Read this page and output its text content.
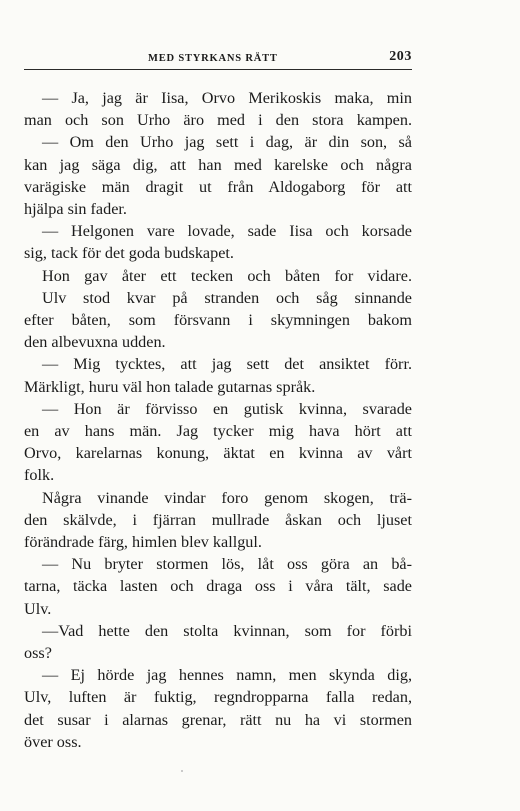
MED STYRKANS RÄTT	203
— Ja, jag är Iisa, Orvo Merikoskis maka, min
man och son Urho äro med i den stora kampen.
— Om den Urho jag sett i dag, är din son, så
kan jag säga dig, att han med karelske och några
varägiske män dragit ut från Aldogaborg för att
hjälpa sin fader.
— Helgonen vare lovade, sade Iisa och korsade
sig, tack för det goda budskapet.
Hon gav åter ett tecken och båten for vidare.
Ulv stod kvar på stranden och såg sinnande
efter båten, som försvann i skymningen bakom
den albevuxna udden.
— Mig tycktes, att jag sett det ansiktet förr.
Märkligt, huru väl hon talade gutarnas språk.
— Hon är förvisso en gutisk kvinna, svarade
en av hans män. Jag tycker mig hava hört att
Orvo, karelarnas konung, äktat en kvinna av vårt
folk.
Några vinande vindar foro genom skogen, trä-
den skälvde, i fjärran mullrade åskan och ljuset
förändrade färg, himlen blev kallgul.
— Nu bryter stormen lös, låt oss göra an bå-
tarna, täcka lasten och draga oss i våra tält, sade
Ulv.
—Vad hette den stolta kvinnan, som for förbi
oss?
— Ej hörde jag hennes namn, men skynda dig,
Ulv, luften är fuktig, regndropparna falla redan,
det susar i alarnas grenar, rätt nu ha vi stormen
över oss.
